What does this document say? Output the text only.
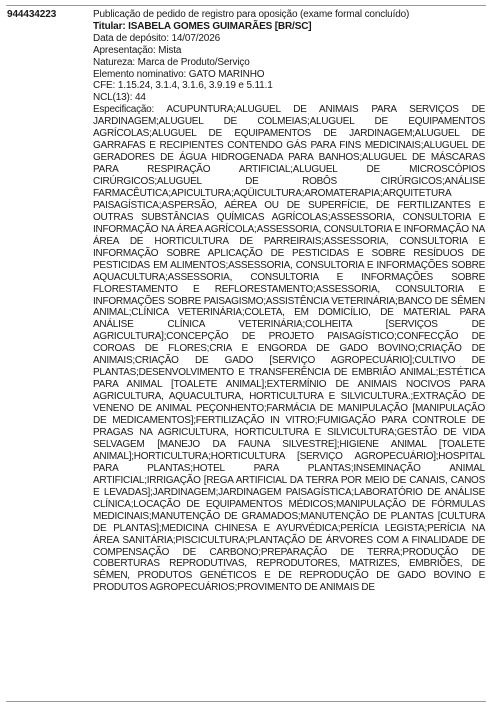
944434223	Publicação de pedido de registro para oposição (exame formal concluído)

Titular: ISABELA GOMES GUIMARÃES [BR/SC]

Data de depósito: 14/07/2026

Apresentação: Mista

Natureza: Marca de Produto/Serviço

Elemento nominativo: GATO MARINHO

CFE: 1.15.24, 3.1.4, 3.1.6, 3.9.19 e 5.11.1

NCL(13): 44

Especificação: ACUPUNTURA;ALUGUEL DE ANIMAIS PARA SERVIÇOS DE JARDINAGEM;ALUGUEL DE COLMEIAS;ALUGUEL DE EQUIPAMENTOS AGRÍCOLAS;ALUGUEL DE EQUIPAMENTOS DE JARDINAGEM;ALUGUEL DE GARRAFAS E RECIPIENTES CONTENDO GÁS PARA FINS MEDICINAIS;ALUGUEL DE GERADORES DE ÁGUA HIDROGENADA PARA BANHOS;ALUGUEL DE MÁSCARAS PARA RESPIRAÇÃO ARTIFICIAL;ALUGUEL DE MICROSCÓPIOS CIRÚRGICOS;ALUGUEL DE ROBÔS CIRÚRGICOS;ANÁLISE FARMACÊUTICA;APICULTURA;AQÜICULTURA;AROMATERAPIA;ARQUITETURA PAISAGÍSTICA;ASPERSÃO, AÉREA OU DE SUPERFÍCIE, DE FERTILIZANTES E OUTRAS SUBSTÂNCIAS QUÍMICAS AGRÍCOLAS;ASSESSORIA, CONSULTORIA E INFORMAÇÃO NA ÁREA AGRÍCOLA;ASSESSORIA, CONSULTORIA E INFORMAÇÃO NA ÁREA DE HORTICULTURA DE PARREIRAIS;ASSESSORIA, CONSULTORIA E INFORMAÇÃO SOBRE APLICAÇÃO DE PESTICIDAS E SOBRE RESÍDUOS DE PESTICIDAS EM ALIMENTOS;ASSESSORIA, CONSULTORIA E INFORMAÇÕES SOBRE AQUACULTURA;ASSESSORIA, CONSULTORIA E INFORMAÇÕES SOBRE FLORESTAMENTO E REFLORESTAMENTO;ASSESSORIA, CONSULTORIA E INFORMAÇÕES SOBRE PAISAGISMO;ASSISTÊNCIA VETERINÁRIA;BANCO DE SÊMEN ANIMAL;CLÍNICA VETERINÁRIA;COLETA, EM DOMICÍLIO, DE MATERIAL PARA ANÁLISE CLÍNICA VETERINÁRIA;COLHEITA [SERVIÇOS DE AGRICULTURA];CONCEPÇÃO DE PROJETO PAISAGÍSTICO;CONFECÇÃO DE COROAS DE FLORES;CRIA E ENGORDA DE GADO BOVINO;CRIAÇÃO DE ANIMAIS;CRIAÇÃO DE GADO [SERVIÇO AGROPECUÁRIO];CULTIVO DE PLANTAS;DESENVOLVIMENTO E TRANSFERÊNCIA DE EMBRIÃO ANIMAL;ESTÉTICA PARA ANIMAL [TOALETE ANIMAL];EXTERMÍNIO DE ANIMAIS NOCIVOS PARA AGRICULTURA, AQUACULTURA, HORTICULTURA E SILVICULTURA.;EXTRAÇÃO DE VENENO DE ANIMAL PEÇONHENTO;FARMÁCIA DE MANIPULAÇÃO [MANIPULAÇÃO DE MEDICAMENTOS];FERTILIZAÇÃO IN VITRO;FUMIGAÇÃO PARA CONTROLE DE PRAGAS NA AGRICULTURA, HORTICULTURA E SILVICULTURA;GESTÃO DE VIDA SELVAGEM [MANEJO DA FAUNA SILVESTRE];HIGIENE ANIMAL [TOALETE ANIMAL];HORTICULTURA;HORTICULTURA [SERVIÇO AGROPECUÁRIO];HOSPITAL PARA PLANTAS;HOTEL PARA PLANTAS;INSEMINAÇÃO ANIMAL ARTIFICIAL;IRRIGAÇÃO [REGA ARTIFICIAL DA TERRA POR MEIO DE CANAIS, CANOS E LEVADAS];JARDINAGEM;JARDINAGEM PAISAGÍSTICA;LABORATÓRIO DE ANÁLISE CLÍNICA;LOCAÇÃO DE EQUIPAMENTOS MÉDICOS;MANIPULAÇÃO DE FÓRMULAS MEDICINAIS;MANUTENÇÃO DE GRAMADOS;MANUTENÇÃO DE PLANTAS [CULTURA DE PLANTAS];MEDICINA CHINESA E AYURVÉDICA;PERÍCIA LEGISTA;PERÍCIA NA ÁREA SANITÁRIA;PISCICULTURA;PLANTAÇÃO DE ÁRVORES COM A FINALIDADE DE COMPENSAÇÃO DE CARBONO;PREPARAÇÃO DE TERRA;PRODUÇÃO DE COBERTURAS REPRODUTIVAS, REPRODUTORES, MATRIZES, EMBRIÕES, DE SÊMEN, PRODUTOS GENÉTICOS E DE REPRODUÇÃO DE GADO BOVINO E PRODUTOS AGROPECUÁRIOS;PROVIMENTO DE ANIMAIS DE
